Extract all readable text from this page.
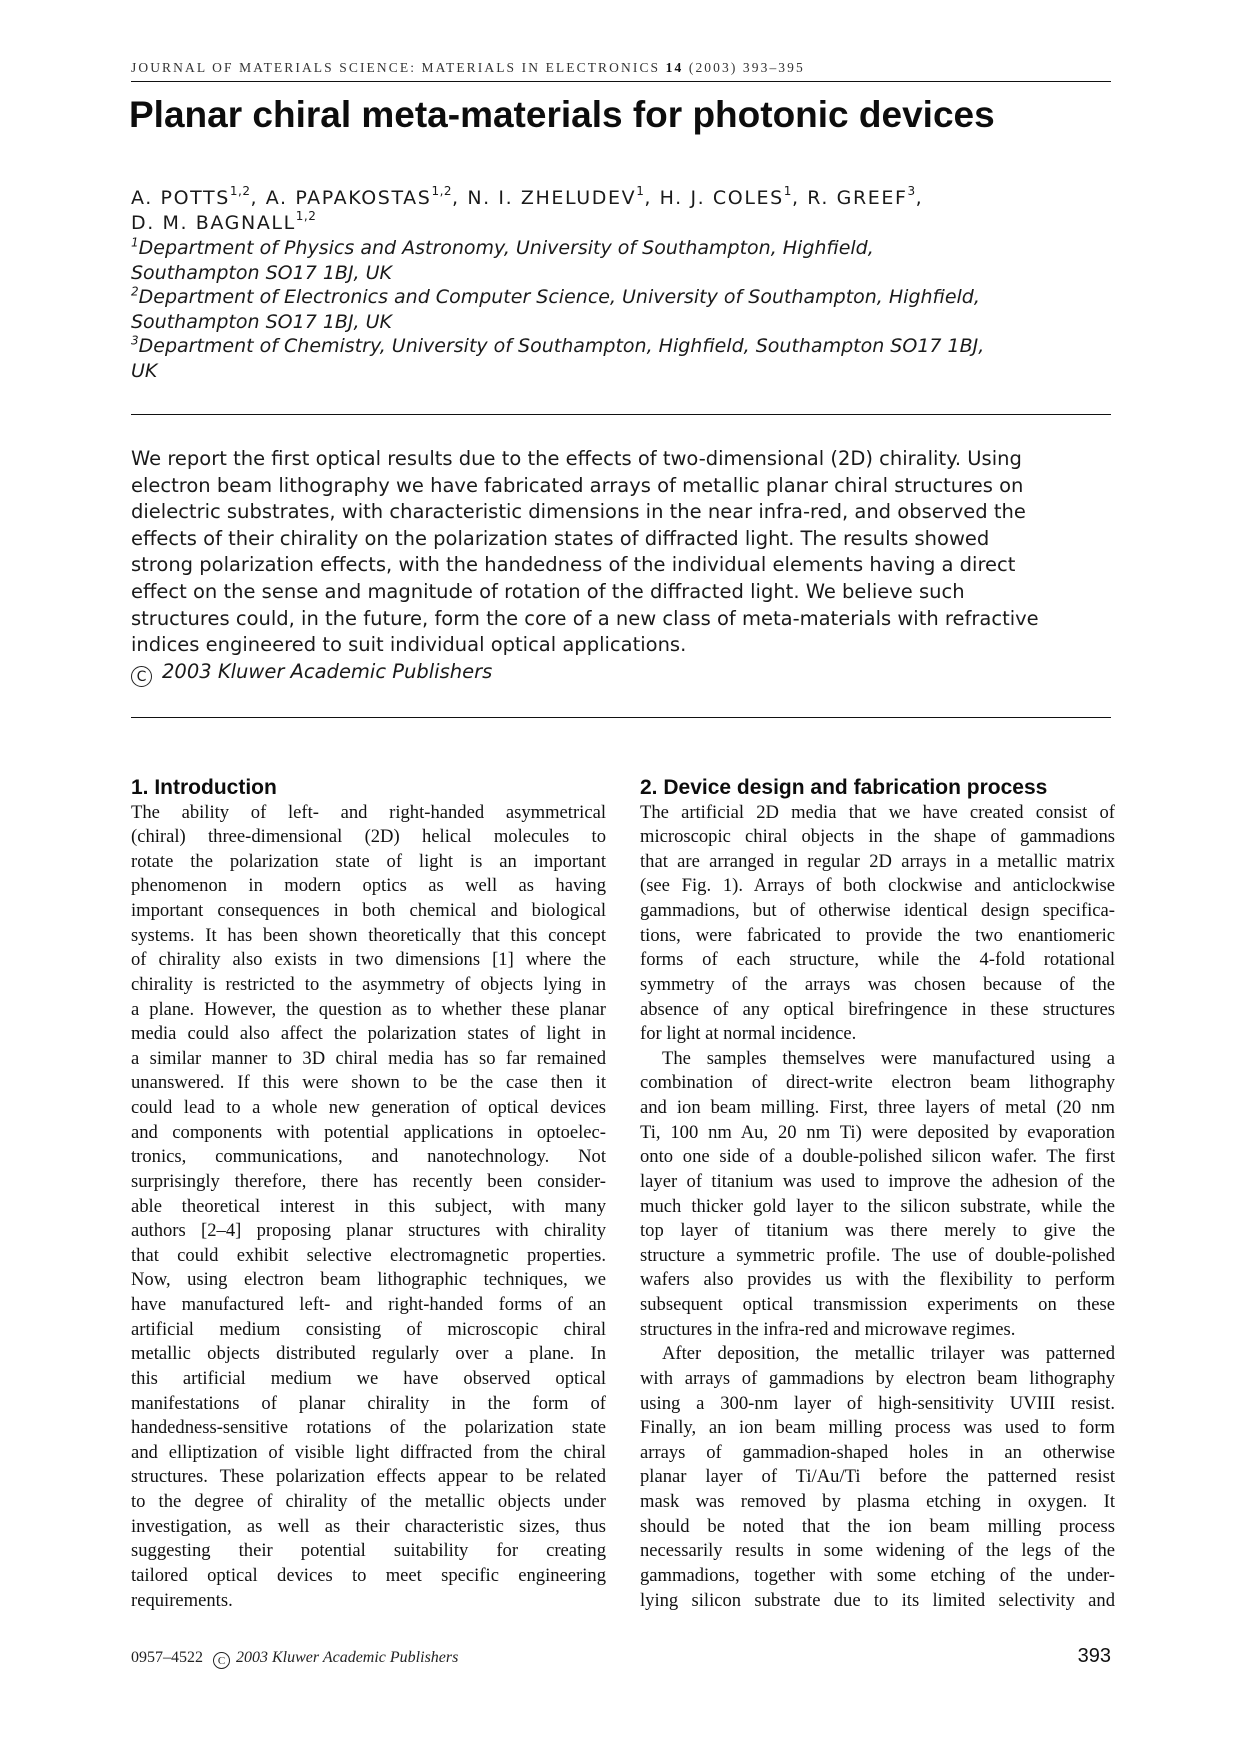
JOURNAL OF MATERIALS SCIENCE: MATERIALS IN ELECTRONICS 14 (2003) 393–395
Planar chiral meta-materials for photonic devices
A. POTTS$^{1,2}$, A. PAPAKOSTAS$^{1,2}$, N. I. ZHELUDEV$^1$, H. J. COLES$^1$, R. GREEF$^3$,
D. M. BAGNALL$^{1,2}$
$^1$Department of Physics and Astronomy, University of Southampton, Highfield,
Southampton SO17 1BJ, UK
$^2$Department of Electronics and Computer Science, University of Southampton, Highfield,
Southampton SO17 1BJ, UK
$^3$Department of Chemistry, University of Southampton, Highfield, Southampton SO17 1BJ,
UK
We report the first optical results due to the effects of two-dimensional (2D) chirality. Using
electron beam lithography we have fabricated arrays of metallic planar chiral structures on
dielectric substrates, with characteristic dimensions in the near infra-red, and observed the
effects of their chirality on the polarization states of diffracted light. The results showed
strong polarization effects, with the handedness of the individual elements having a direct
effect on the sense and magnitude of rotation of the diffracted light. We believe such
structures could, in the future, form the core of a new class of meta-materials with refractive
indices engineered to suit individual optical applications.
C 2003 Kluwer Academic Publishers
1. Introduction
The ability of left- and right-handed asymmetrical
(chiral) three-dimensional (2D) helical molecules to
rotate the polarization state of light is an important
phenomenon in modern optics as well as having
important consequences in both chemical and biological
systems. It has been shown theoretically that this concept
of chirality also exists in two dimensions [1] where the
chirality is restricted to the asymmetry of objects lying in
a plane. However, the question as to whether these planar
media could also affect the polarization states of light in
a similar manner to 3D chiral media has so far remained
unanswered. If this were shown to be the case then it
could lead to a whole new generation of optical devices
and components with potential applications in optoelec-
tronics, communications, and nanotechnology. Not
surprisingly therefore, there has recently been consider-
able theoretical interest in this subject, with many
authors [2–4] proposing planar structures with chirality
that could exhibit selective electromagnetic properties.
Now, using electron beam lithographic techniques, we
have manufactured left- and right-handed forms of an
artificial medium consisting of microscopic chiral
metallic objects distributed regularly over a plane. In
this artificial medium we have observed optical
manifestations of planar chirality in the form of
handedness-sensitive rotations of the polarization state
and elliptization of visible light diffracted from the chiral
structures. These polarization effects appear to be related
to the degree of chirality of the metallic objects under
investigation, as well as their characteristic sizes, thus
suggesting their potential suitability for creating
tailored optical devices to meet specific engineering
requirements.
2. Device design and fabrication process
The artificial 2D media that we have created consist of
microscopic chiral objects in the shape of gammadions
that are arranged in regular 2D arrays in a metallic matrix
(see Fig. 1). Arrays of both clockwise and anticlockwise
gammadions, but of otherwise identical design specifica-
tions, were fabricated to provide the two enantiomeric
forms of each structure, while the 4-fold rotational
symmetry of the arrays was chosen because of the
absence of any optical birefringence in these structures
for light at normal incidence.
The samples themselves were manufactured using a
combination of direct-write electron beam lithography
and ion beam milling. First, three layers of metal (20 nm
Ti, 100 nm Au, 20 nm Ti) were deposited by evaporation
onto one side of a double-polished silicon wafer. The first
layer of titanium was used to improve the adhesion of the
much thicker gold layer to the silicon substrate, while the
top layer of titanium was there merely to give the
structure a symmetric profile. The use of double-polished
wafers also provides us with the flexibility to perform
subsequent optical transmission experiments on these
structures in the infra-red and microwave regimes.
After deposition, the metallic trilayer was patterned
with arrays of gammadions by electron beam lithography
using a 300-nm layer of high-sensitivity UVIII resist.
Finally, an ion beam milling process was used to form
arrays of gammadion-shaped holes in an otherwise
planar layer of Ti/Au/Ti before the patterned resist
mask was removed by plasma etching in oxygen. It
should be noted that the ion beam milling process
necessarily results in some widening of the legs of the
gammadions, together with some etching of the under-
lying silicon substrate due to its limited selectivity and
0957–4522 C 2003 Kluwer Academic Publishers	393
